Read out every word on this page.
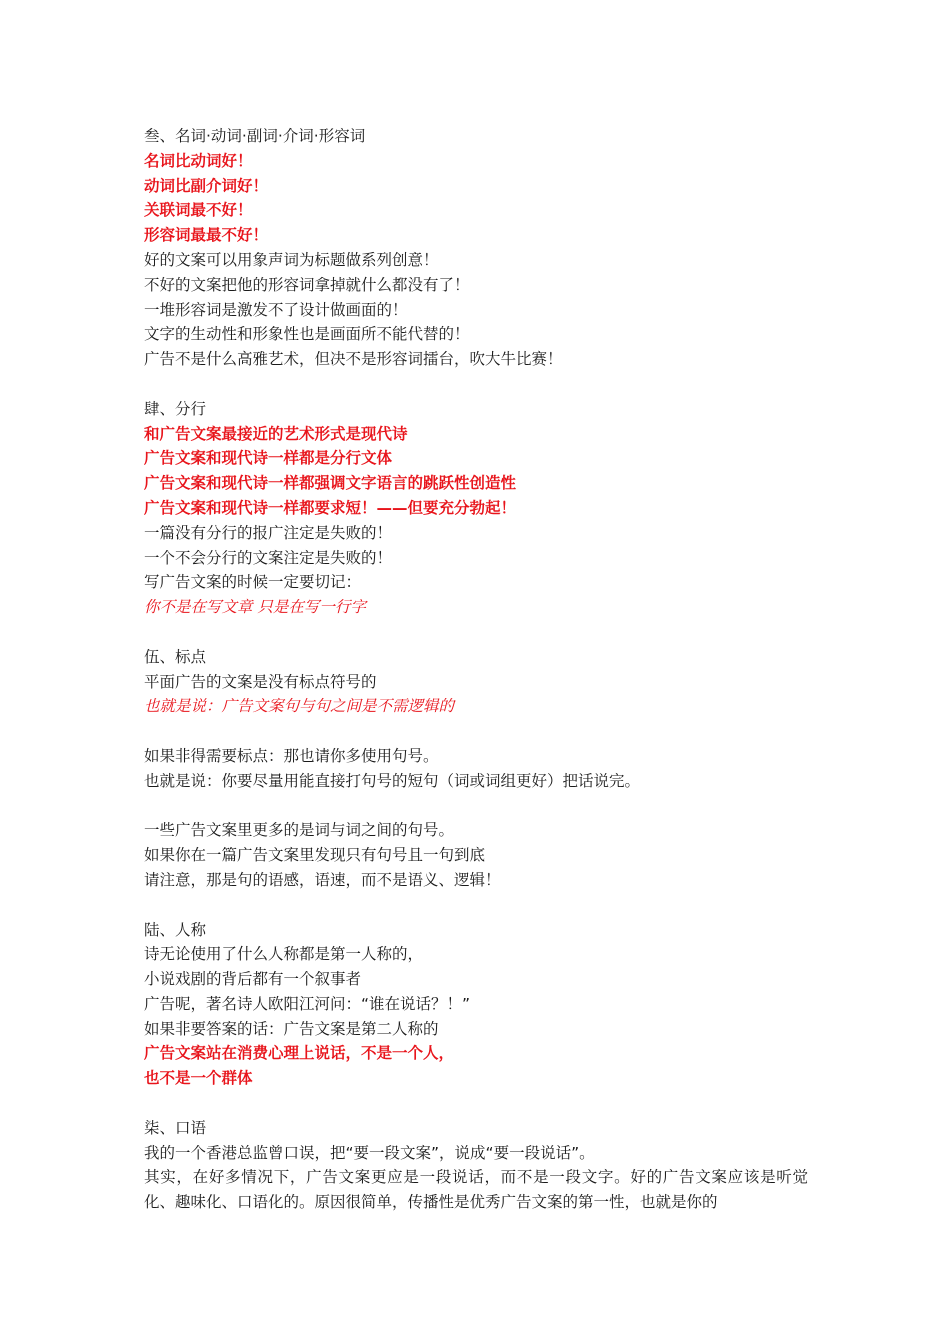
叁、名词·动词·副词·介词·形容词
名词比动词好！
动词比副介词好！
关联词最不好！
形容词最最不好！
好的文案可以用象声词为标题做系列创意！
不好的文案把他的形容词拿掉就什么都没有了！
一堆形容词是激发不了设计做画面的！
文字的生动性和形象性也是画面所不能代替的！
广告不是什么高雅艺术，但决不是形容词擂台，吹大牛比赛！
肆、分行
和广告文案最接近的艺术形式是现代诗
广告文案和现代诗一样都是分行文体
广告文案和现代诗一样都强调文字语言的跳跃性创造性
广告文案和现代诗一样都要求短！——但要充分勃起！
一篇没有分行的报广注定是失败的！
一个不会分行的文案注定是失败的！
写广告文案的时候一定要切记：
你不是在写文章 只是在写一行字
伍、标点
平面广告的文案是没有标点符号的
也就是说：广告文案句与句之间是不需逻辑的
如果非得需要标点：那也请你多使用句号。
也就是说：你要尽量用能直接打句号的短句（词或词组更好）把话说完。
一些广告文案里更多的是词与词之间的句号。
如果你在一篇广告文案里发现只有句号且一句到底
请注意，那是句的语感，语速，而不是语义、逻辑！
陆、人称
诗无论使用了什么人称都是第一人称的，
小说戏剧的背后都有一个叙事者
广告呢，著名诗人欧阳江河问：“谁在说话？！”
如果非要答案的话：广告文案是第二人称的
广告文案站在消费心理上说话，不是一个人，
也不是一个群体
柒、口语
我的一个香港总监曾口误，把“要一段文案”，说成“要一段说话”。
其实，在好多情况下，广告文案更应是一段说话，而不是一段文字。好的广告文案应该是听觉化、趣味化、口语化的。原因很简单，传播性是优秀广告文案的第一性，也就是你的
